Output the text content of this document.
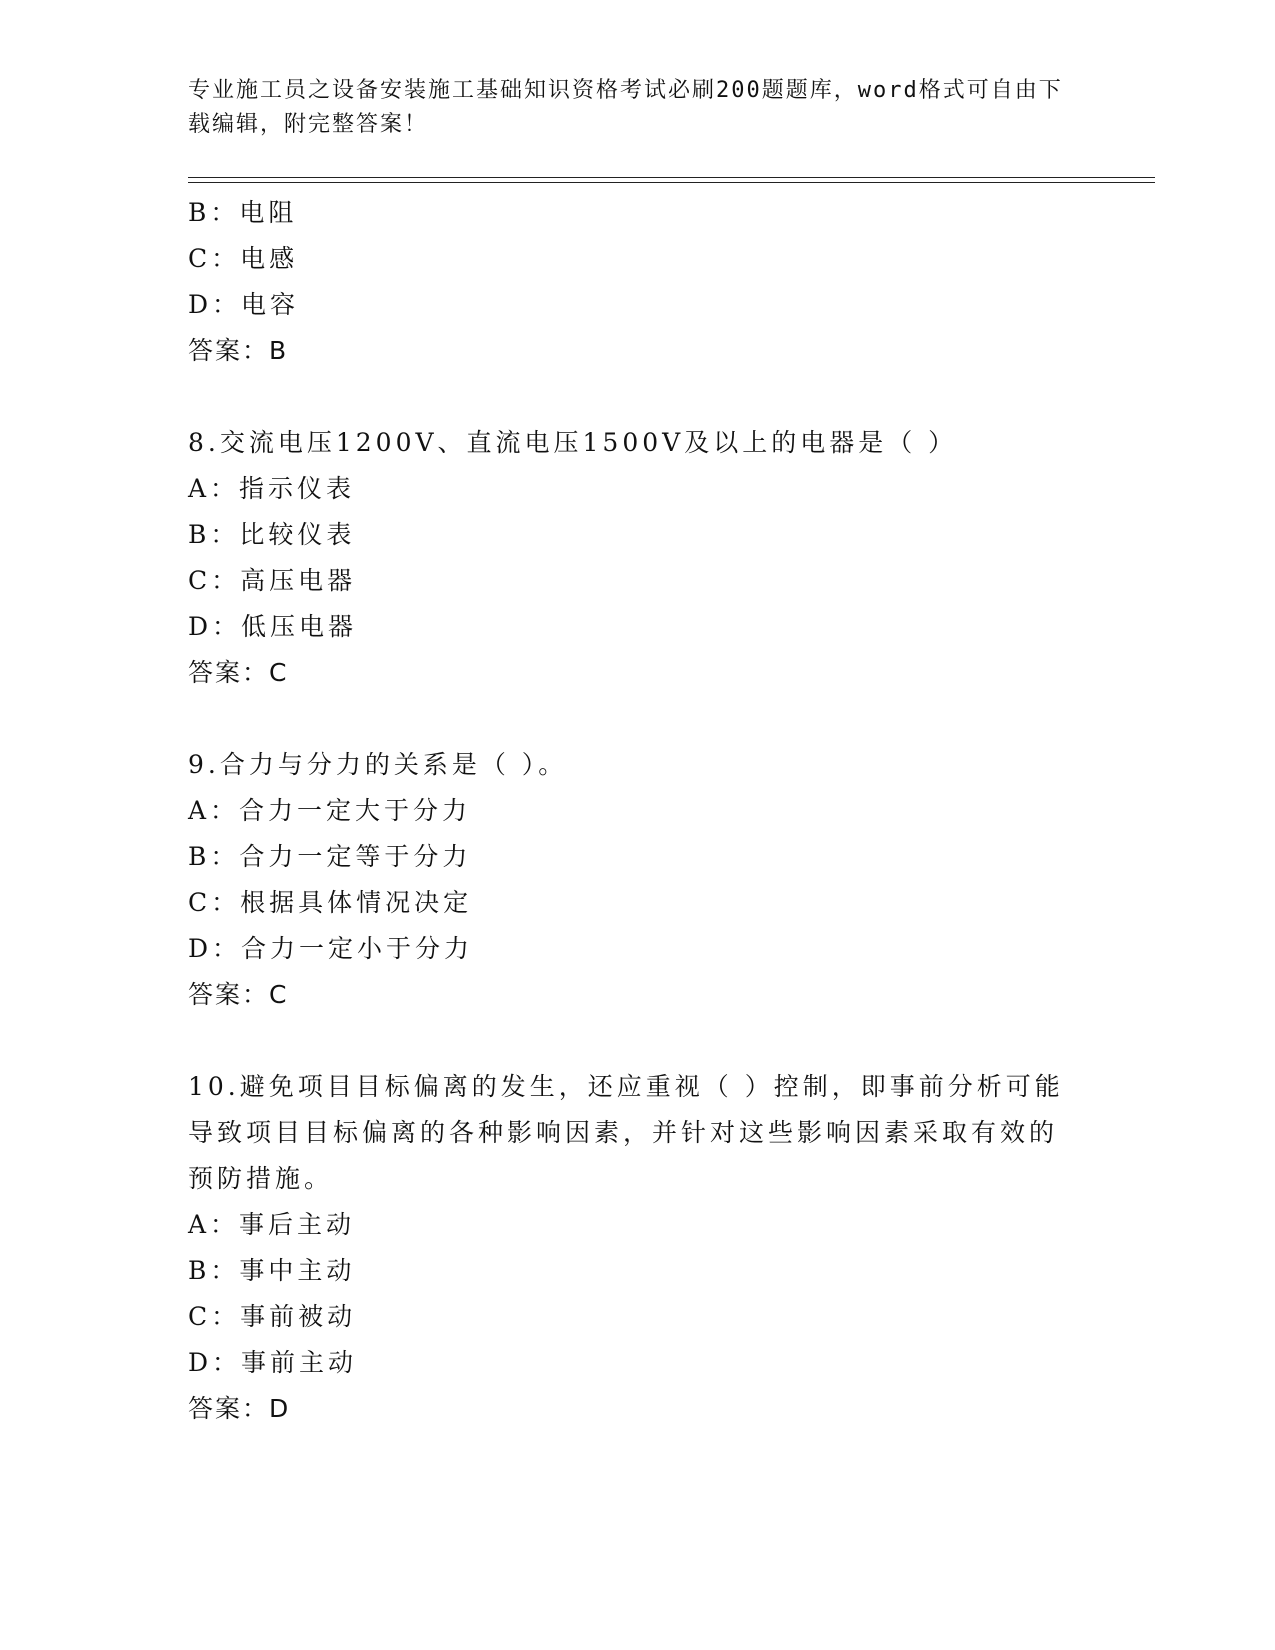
专业施工员之设备安装施工基础知识资格考试必刷200题题库，word格式可自由下载编辑，附完整答案！
B：电阻
C：电感
D：电容
答案：B
8.交流电压1200V、直流电压1500V及以上的电器是（ ）
A：指示仪表
B：比较仪表
C：高压电器
D：低压电器
答案：C
9.合力与分力的关系是（ ）。
A：合力一定大于分力
B：合力一定等于分力
C：根据具体情况决定
D：合力一定小于分力
答案：C
10.避免项目目标偏离的发生，还应重视（ ）控制，即事前分析可能导致项目目标偏离的各种影响因素，并针对这些影响因素采取有效的预防措施。
A：事后主动
B：事中主动
C：事前被动
D：事前主动
答案：D
